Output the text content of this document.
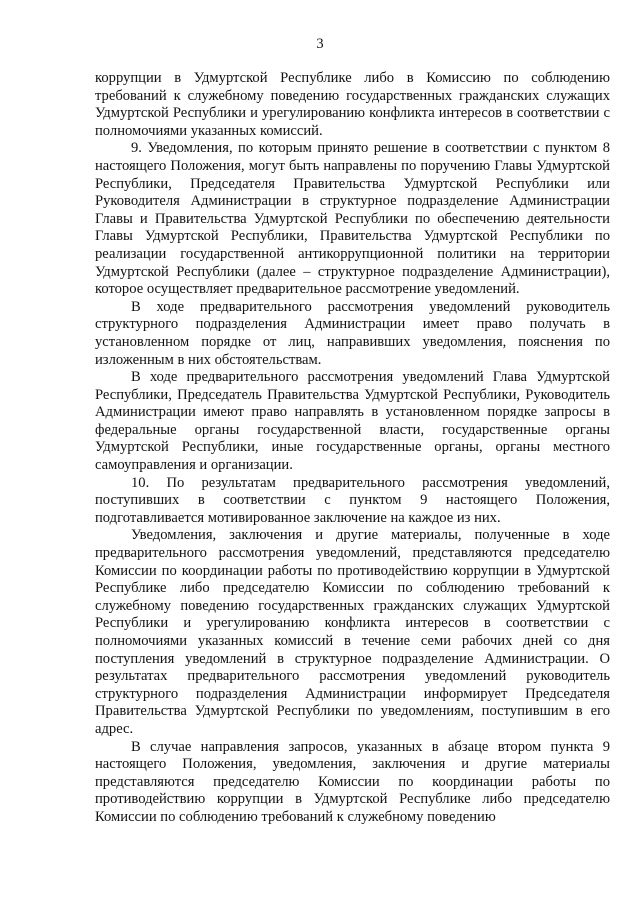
3

коррупции в Удмуртской Республике либо в Комиссию по соблюдению требований к служебному поведению государственных гражданских служащих Удмуртской Республики и урегулированию конфликта интересов в соответствии с полномочиями указанных комиссий.

9. Уведомления, по которым принято решение в соответствии с пунктом 8 настоящего Положения, могут быть направлены по поручению Главы Удмуртской Республики, Председателя Правительства Удмуртской Республики или Руководителя Администрации в структурное подразделение Администрации Главы и Правительства Удмуртской Республики по обеспечению деятельности Главы Удмуртской Республики, Правительства Удмуртской Республики по реализации государственной антикоррупционной политики на территории Удмуртской Республики (далее – структурное подразделение Администрации), которое осуществляет предварительное рассмотрение уведомлений.

В ходе предварительного рассмотрения уведомлений руководитель структурного подразделения Администрации имеет право получать в установленном порядке от лиц, направивших уведомления, пояснения по изложенным в них обстоятельствам.

В ходе предварительного рассмотрения уведомлений Глава Удмуртской Республики, Председатель Правительства Удмуртской Республики, Руководитель Администрации имеют право направлять в установленном порядке запросы в федеральные органы государственной власти, государственные органы Удмуртской Республики, иные государственные органы, органы местного самоуправления и организации.

10. По результатам предварительного рассмотрения уведомлений, поступивших в соответствии с пунктом 9 настоящего Положения, подготавливается мотивированное заключение на каждое из них.

Уведомления, заключения и другие материалы, полученные в ходе предварительного рассмотрения уведомлений, представляются председателю Комиссии по координации работы по противодействию коррупции в Удмуртской Республике либо председателю Комиссии по соблюдению требований к служебному поведению государственных гражданских служащих Удмуртской Республики и урегулированию конфликта интересов в соответствии с полномочиями указанных комиссий в течение семи рабочих дней со дня поступления уведомлений в структурное подразделение Администрации. О результатах предварительного рассмотрения уведомлений руководитель структурного подразделения Администрации информирует Председателя Правительства Удмуртской Республики по уведомлениям, поступившим в его адрес.

В случае направления запросов, указанных в абзаце втором пункта 9 настоящего Положения, уведомления, заключения и другие материалы представляются председателю Комиссии по координации работы по противодействию коррупции в Удмуртской Республике либо председателю Комиссии по соблюдению требований к служебному поведению
